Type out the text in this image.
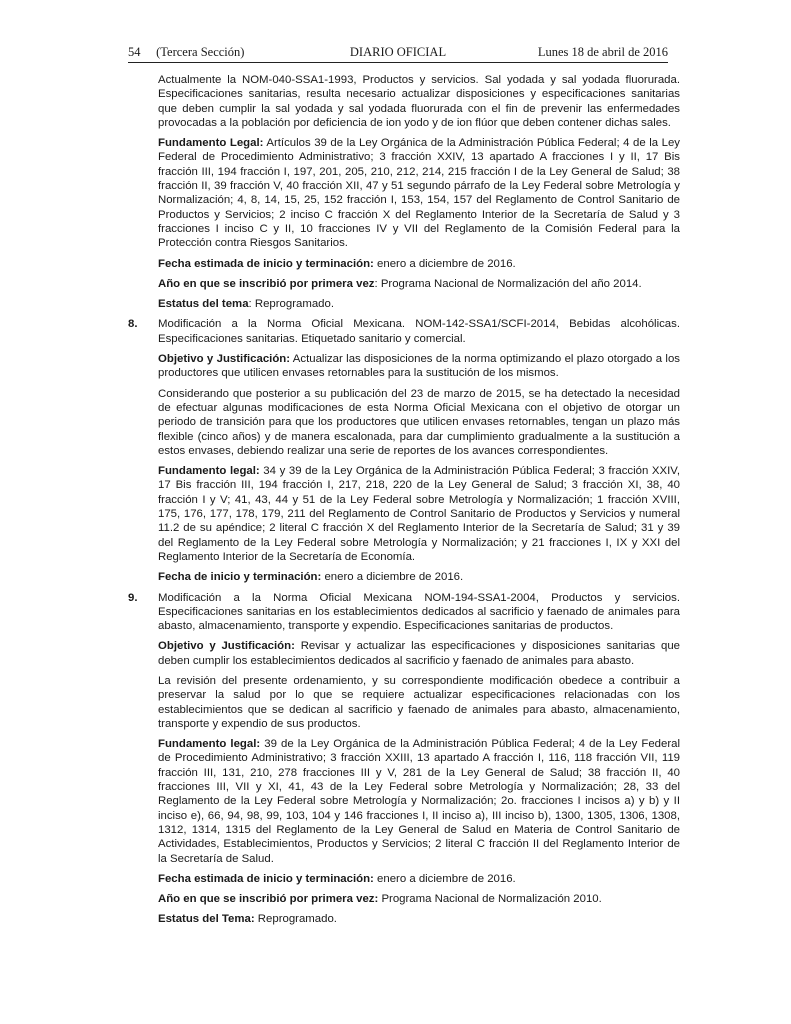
54     (Tercera Sección)	DIARIO OFICIAL	Lunes 18 de abril de 2016

Actualmente la NOM-040-SSA1-1993, Productos y servicios. Sal yodada y sal yodada fluorurada. Especificaciones sanitarias, resulta necesario actualizar disposiciones y especificaciones sanitarias que deben cumplir la sal yodada y sal yodada fluorurada con el fin de prevenir las enfermedades provocadas a la población por deficiencia de ion yodo y de ion flúor que deben contener dichas sales.

Fundamento Legal: Artículos 39 de la Ley Orgánica de la Administración Pública Federal; 4 de la Ley Federal de Procedimiento Administrativo; 3 fracción XXIV, 13 apartado A fracciones I y II, 17 Bis fracción III, 194 fracción I, 197, 201, 205, 210, 212, 214, 215 fracción I de la Ley General de Salud; 38 fracción II, 39 fracción V, 40 fracción XII, 47 y 51 segundo párrafo de la Ley Federal sobre Metrología y Normalización; 4, 8, 14, 15, 25, 152 fracción I, 153, 154, 157 del Reglamento de Control Sanitario de Productos y Servicios; 2 inciso C fracción X del Reglamento Interior de la Secretaría de Salud y 3 fracciones I inciso C y II, 10 fracciones IV y VII del Reglamento de la Comisión Federal para la Protección contra Riesgos Sanitarios.

Fecha estimada de inicio y terminación: enero a diciembre de 2016.

Año en que se inscribió por primera vez: Programa Nacional de Normalización del año 2014.

Estatus del tema: Reprogramado.

8. Modificación a la Norma Oficial Mexicana. NOM-142-SSA1/SCFI-2014, Bebidas alcohólicas. Especificaciones sanitarias. Etiquetado sanitario y comercial.

Objetivo y Justificación: Actualizar las disposiciones de la norma optimizando el plazo otorgado a los productores que utilicen envases retornables para la sustitución de los mismos.

Considerando que posterior a su publicación del 23 de marzo de 2015, se ha detectado la necesidad de efectuar algunas modificaciones de esta Norma Oficial Mexicana con el objetivo de otorgar un periodo de transición para que los productores que utilicen envases retornables, tengan un plazo más flexible (cinco años) y de manera escalonada, para dar cumplimiento gradualmente a la sustitución a estos envases, debiendo realizar una serie de reportes de los avances correspondientes.

Fundamento legal: 34 y 39 de la Ley Orgánica de la Administración Pública Federal; 3 fracción XXIV, 17 Bis fracción III, 194 fracción I, 217, 218, 220 de la Ley General de Salud; 3 fracción XI, 38, 40 fracción I y V; 41, 43, 44 y 51 de la Ley Federal sobre Metrología y Normalización; 1 fracción XVIII, 175, 176, 177, 178, 179, 211 del Reglamento de Control Sanitario de Productos y Servicios y numeral 11.2 de su apéndice; 2 literal C fracción X del Reglamento Interior de la Secretaría de Salud; 31 y 39 del Reglamento de la Ley Federal sobre Metrología y Normalización; y 21 fracciones I, IX y XXI del Reglamento Interior de la Secretaría de Economía.

Fecha de inicio y terminación: enero a diciembre de 2016.

9. Modificación a la Norma Oficial Mexicana NOM-194-SSA1-2004, Productos y servicios. Especificaciones sanitarias en los establecimientos dedicados al sacrificio y faenado de animales para abasto, almacenamiento, transporte y expendio. Especificaciones sanitarias de productos.

Objetivo y Justificación: Revisar y actualizar las especificaciones y disposiciones sanitarias que deben cumplir los establecimientos dedicados al sacrificio y faenado de animales para abasto.

La revisión del presente ordenamiento, y su correspondiente modificación obedece a contribuir a preservar la salud por lo que se requiere actualizar especificaciones relacionadas con los establecimientos que se dedican al sacrificio y faenado de animales para abasto, almacenamiento, transporte y expendio de sus productos.

Fundamento legal: 39 de la Ley Orgánica de la Administración Pública Federal; 4 de la Ley Federal de Procedimiento Administrativo; 3 fracción XXIII, 13 apartado A fracción I, 116, 118 fracción VII, 119 fracción III, 131, 210, 278 fracciones III y V, 281 de la Ley General de Salud; 38 fracción II, 40 fracciones III, VII y XI, 41, 43 de la Ley Federal sobre Metrología y Normalización; 28, 33 del Reglamento de la Ley Federal sobre Metrología y Normalización; 2o. fracciones I incisos a) y b) y II inciso e), 66, 94, 98, 99, 103, 104 y 146 fracciones I, II inciso a), III inciso b), 1300, 1305, 1306, 1308, 1312, 1314, 1315 del Reglamento de la Ley General de Salud en Materia de Control Sanitario de Actividades, Establecimientos, Productos y Servicios; 2 literal C fracción II del Reglamento Interior de la Secretaría de Salud.

Fecha estimada de inicio y terminación: enero a diciembre de 2016.

Año en que se inscribió por primera vez: Programa Nacional de Normalización 2010.

Estatus del Tema: Reprogramado.
